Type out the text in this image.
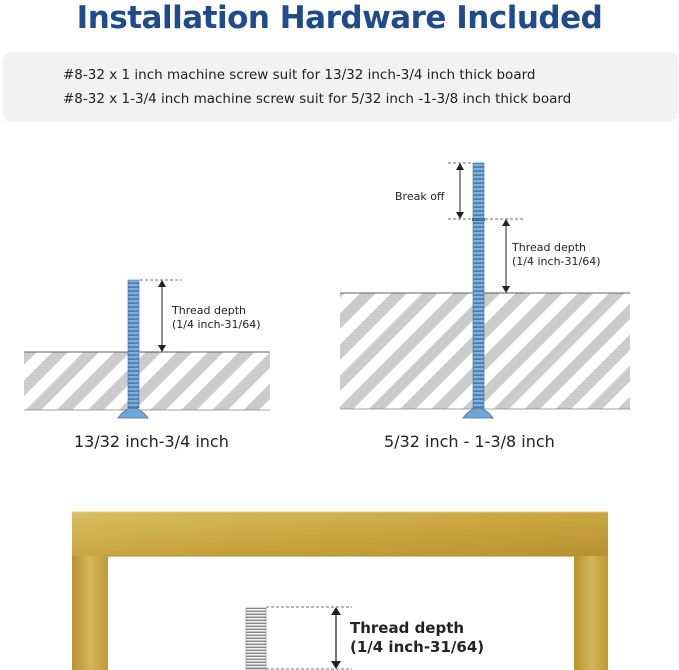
Installation Hardware Included
#8-32 x 1 inch machine screw suit for 13/32 inch-3/4 inch thick board
#8-32 x 1-3/4 inch machine screw suit for 5/32 inch -1-3/8 inch thick board
Thread depth
(1/4 inch-31/64)
13/32 inch-3/4 inch
Break off
Thread depth
(1/4 inch-31/64)
5/32 inch - 1-3/8 inch
Thread depth
(1/4 inch-31/64)
